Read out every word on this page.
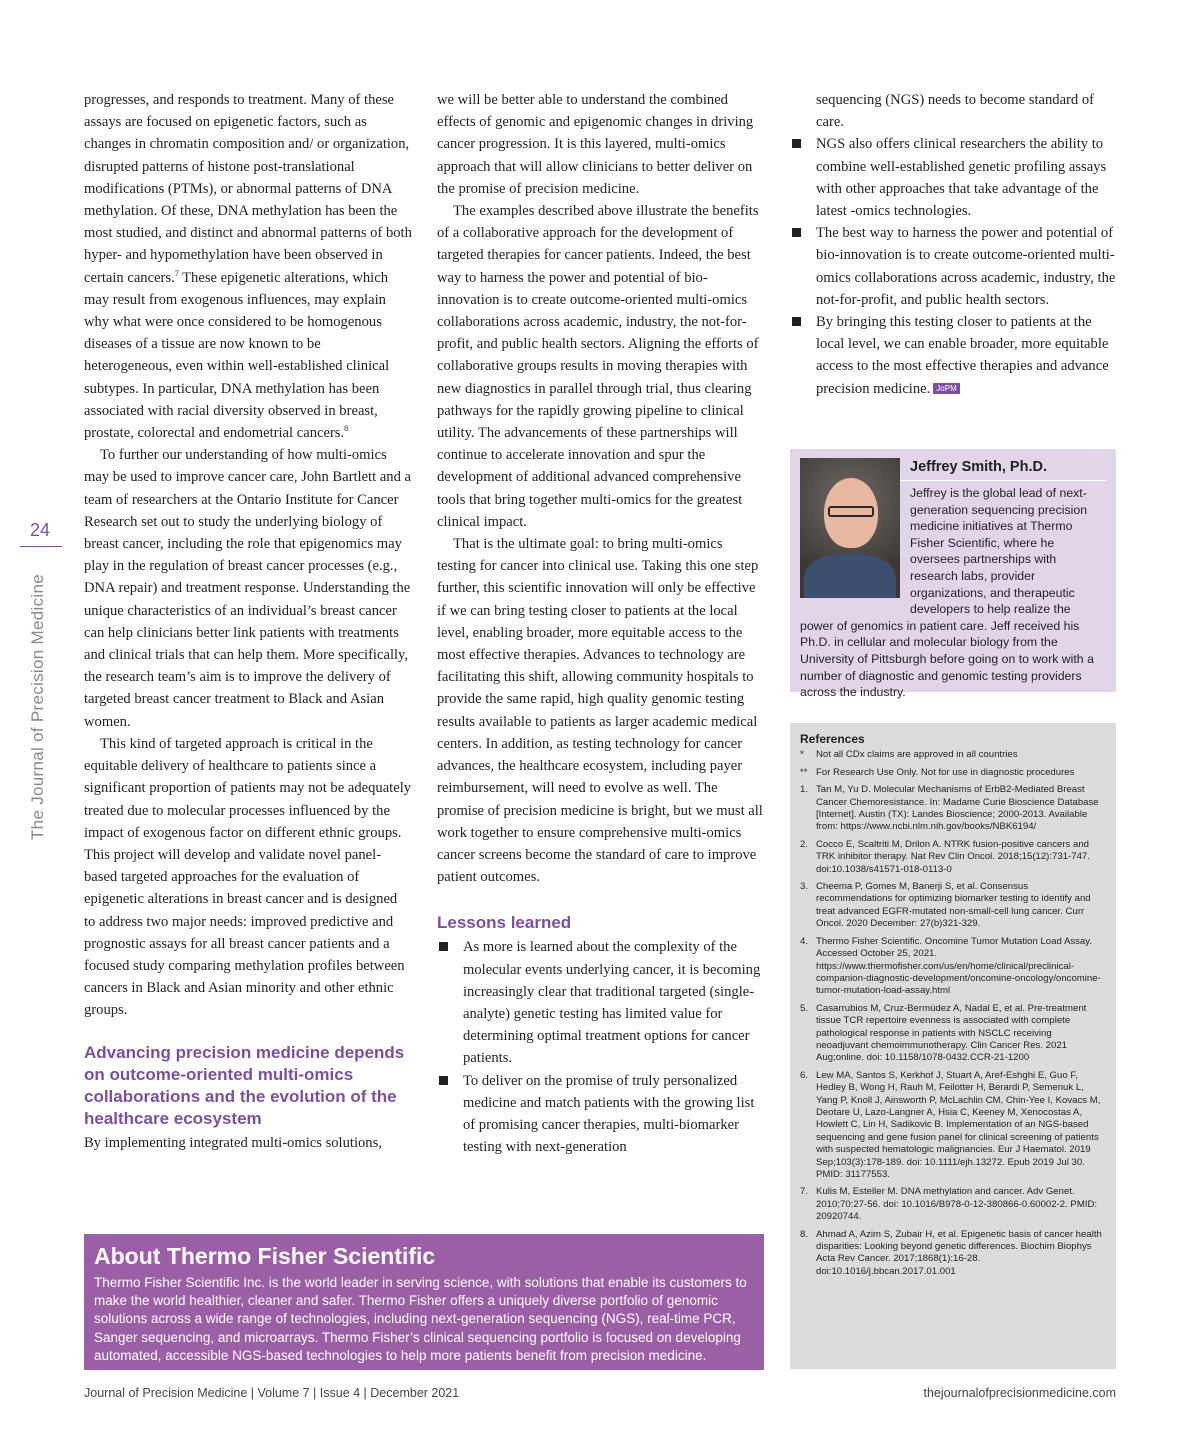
24
The Journal of Precision Medicine

progresses, and responds to treatment. Many of these assays are focused on epigenetic factors, such as changes in chromatin composition and/ or organization, disrupted patterns of histone post-translational modifications (PTMs), or abnormal patterns of DNA methylation. Of these, DNA methylation has been the most studied, and distinct and abnormal patterns of both hyper- and hypomethylation have been observed in certain cancers.$^7$ These epigenetic alterations, which may result from exogenous influences, may explain why what were once considered to be homogenous diseases of a tissue are now known to be heterogeneous, even within well-established clinical subtypes. In particular, DNA methylation has been associated with racial diversity observed in breast, prostate, colorectal and endometrial cancers.$^8$

To further our understanding of how multi-omics may be used to improve cancer care, John Bartlett and a team of researchers at the Ontario Institute for Cancer Research set out to study the underlying biology of breast cancer, including the role that epigenomics may play in the regulation of breast cancer processes (e.g., DNA repair) and treatment response. Understanding the unique characteristics of an individual’s breast cancer can help clinicians better link patients with treatments and clinical trials that can help them. More specifically, the research team’s aim is to improve the delivery of targeted breast cancer treatment to Black and Asian women.

This kind of targeted approach is critical in the equitable delivery of healthcare to patients since a significant proportion of patients may not be adequately treated due to molecular processes influenced by the impact of exogenous factor on different ethnic groups. This project will develop and validate novel panel-based targeted approaches for the evaluation of epigenetic alterations in breast cancer and is designed to address two major needs: improved predictive and prognostic assays for all breast cancer patients and a focused study comparing methylation profiles between cancers in Black and Asian minority and other ethnic groups.

Advancing precision medicine depends on outcome-oriented multi-omics collaborations and the evolution of the healthcare ecosystem

By implementing integrated multi-omics solutions,

we will be better able to understand the combined effects of genomic and epigenomic changes in driving cancer progression. It is this layered, multi-omics approach that will allow clinicians to better deliver on the promise of precision medicine.

The examples described above illustrate the benefits of a collaborative approach for the development of targeted therapies for cancer patients. Indeed, the best way to harness the power and potential of bio-innovation is to create outcome-oriented multi-omics collaborations across academic, industry, the not-for-profit, and public health sectors. Aligning the efforts of collaborative groups results in moving therapies with new diagnostics in parallel through trial, thus clearing pathways for the rapidly growing pipeline to clinical utility. The advancements of these partnerships will continue to accelerate innovation and spur the development of additional advanced comprehensive tools that bring together multi-omics for the greatest clinical impact.

That is the ultimate goal: to bring multi-omics testing for cancer into clinical use. Taking this one step further, this scientific innovation will only be effective if we can bring testing closer to patients at the local level, enabling broader, more equitable access to the most effective therapies. Advances to technology are facilitating this shift, allowing community hospitals to provide the same rapid, high quality genomic testing results available to patients as larger academic medical centers. In addition, as testing technology for cancer advances, the healthcare ecosystem, including payer reimbursement, will need to evolve as well. The promise of precision medicine is bright, but we must all work together to ensure comprehensive multi-omics cancer screens become the standard of care to improve patient outcomes.

Lessons learned
As more is learned about the complexity of the molecular events underlying cancer, it is becoming increasingly clear that traditional targeted (single-analyte) genetic testing has limited value for determining optimal treatment options for cancer patients.
To deliver on the promise of truly personalized medicine and match patients with the growing list of promising cancer therapies, multi-biomarker testing with next-generation
sequencing (NGS) needs to become standard of care.
NGS also offers clinical researchers the ability to combine well-established genetic profiling assays with other approaches that take advantage of the latest -omics technologies.
The best way to harness the power and potential of bio-innovation is to create outcome-oriented multi-omics collaborations across academic, industry, the not-for-profit, and public health sectors.
By bringing this testing closer to patients at the local level, we can enable broader, more equitable access to the most effective therapies and advance precision medicine. JoPM
Jeffrey Smith, Ph.D.
Jeffrey is the global lead of next-generation sequencing precision medicine initiatives at Thermo Fisher Scientific, where he oversees partnerships with research labs, provider organizations, and therapeutic developers to help realize the power of genomics in patient care. Jeff received his Ph.D. in cellular and molecular biology from the University of Pittsburgh before going on to work with a number of diagnostic and genomic testing providers across the industry.
References
* Not all CDx claims are approved in all countries
** For Research Use Only. Not for use in diagnostic procedures
1. Tan M, Yu D. Molecular Mechanisms of ErbB2-Mediated Breast Cancer Chemoresistance. In: Madame Curie Bioscience Database [Internet]. Austin (TX): Landes Bioscience; 2000-2013. Available from: https://www.ncbi.nlm.nih.gov/books/NBK6194/
2. Cocco E, Scaltriti M, Drilon A. NTRK fusion-positive cancers and TRK inhibitor therapy. Nat Rev Clin Oncol. 2018;15(12):731-747. doi:10.1038/s41571-018-0113-0
3. Cheema P, Gomes M, Banerji S, et al. Consensus recommendations for optimizing biomarker testing to identify and treat advanced EGFR-mutated non-small-cell lung cancer. Curr Oncol. 2020 December: 27(b)321-329.
4. Thermo Fisher Scientific. Oncomine Tumor Mutation Load Assay. Accessed October 25, 2021. https://www.thermofisher.com/us/en/home/clinical/preclinical-companion-diagnostic-development/oncomine-oncology/oncomine-tumor-mutation-load-assay.html
5. Casarrubios M, Cruz-Bermúdez A, Nadal E, et al. Pre-treatment tissue TCR repertoire evenness is associated with complete pathological response in patients with NSCLC receiving neoadjuvant chemoimmunotherapy. Clin Cancer Res. 2021 Aug;online. doi: 10.1158/1078-0432.CCR-21-1200
6. Lew MA, Santos S, Kerkhof J, Stuart A, Aref-Eshghi E, Guo F, Hedley B, Wong H, Rauh M, Feilotter H, Berardi P, Semenuk L, Yang P, Knoll J, Ainsworth P, McLachlin CM, Chin-Yee I, Kovacs M, Deotare U, Lazo-Langner A, Hsia C, Keeney M, Xenocostas A, Howlett C, Lin H, Sadikovic B. Implementation of an NGS-based sequencing and gene fusion panel for clinical screening of patients with suspected hematologic malignancies. Eur J Haematol. 2019 Sep;103(3):178-189. doi: 10.1111/ejh.13272. Epub 2019 Jul 30. PMID: 31177553.
7. Kulis M, Esteller M. DNA methylation and cancer. Adv Genet. 2010;70:27-56. doi: 10.1016/B978-0-12-380866-0.60002-2. PMID: 20920744.
8. Ahmad A, Azim S, Zubair H, et al. Epigenetic basis of cancer health disparities: Looking beyond genetic differences. Biochim Biophys Acta Rev Cancer. 2017;1868(1):16-28. doi:10.1016/j.bbcan.2017.01.001
About Thermo Fisher Scientific
Thermo Fisher Scientific Inc. is the world leader in serving science, with solutions that enable its customers to make the world healthier, cleaner and safer. Thermo Fisher offers a uniquely diverse portfolio of genomic solutions across a wide range of technologies, including next-generation sequencing (NGS), real-time PCR, Sanger sequencing, and microarrays. Thermo Fisher’s clinical sequencing portfolio is focused on developing automated, accessible NGS-based technologies to help more patients benefit from precision medicine.
Journal of Precision Medicine | Volume 7 | Issue 4 | December 2021	thejournalofprecisionmedicine.com
